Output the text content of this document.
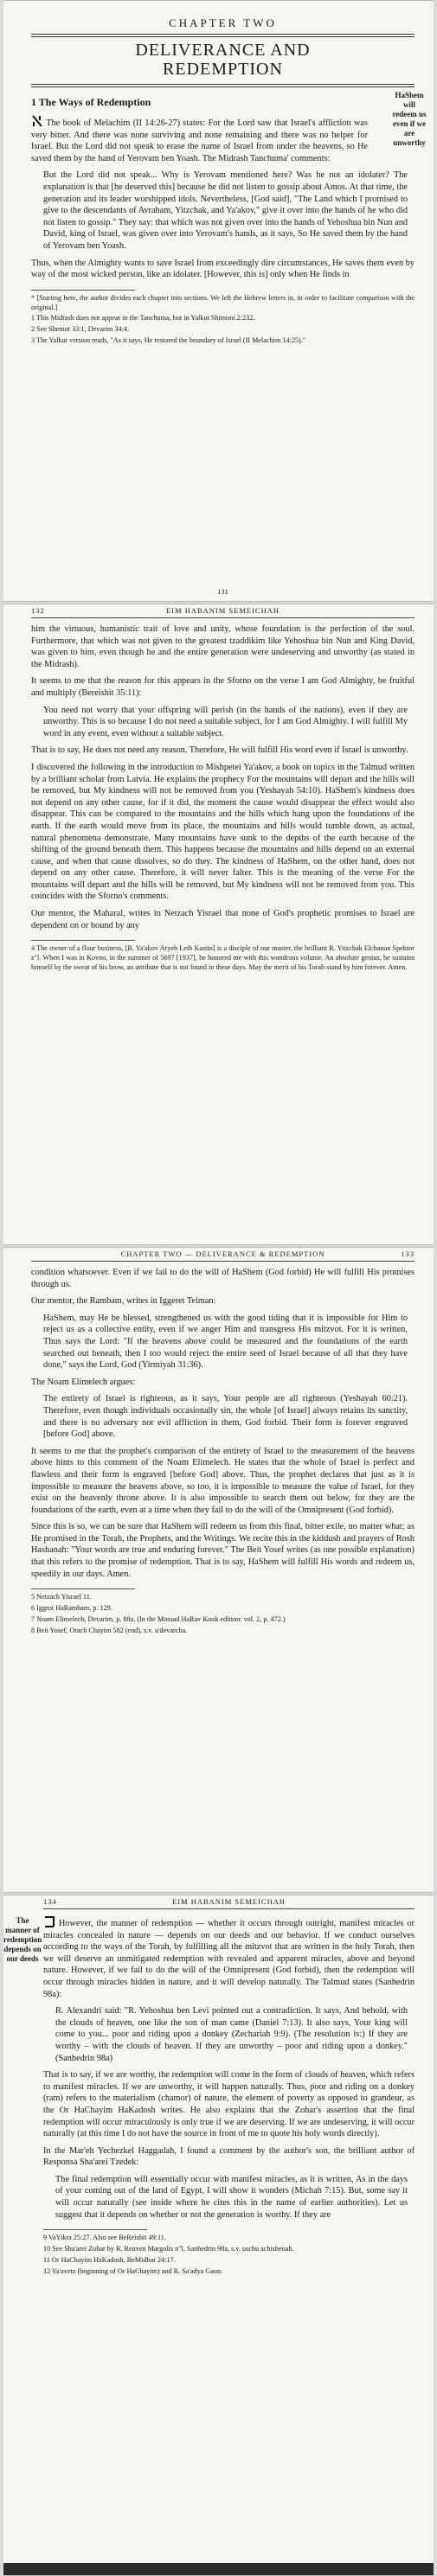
CHAPTER TWO
DELIVERANCE AND
REDEMPTION
1 The Ways of Redemption

The book of Melachim (II 14:26-27) states: For the Lord saw that Israel's affliction was very bitter. And there was none surviving and none remaining and there was no helper for Israel. But the Lord did not speak to erase the name of Israel from under the heavens, so He saved them by the hand of Yerovam ben Yoash. The Midrash Tanchuma' comments:

HaShem will redeem us even if we are unworthy

But the Lord did not speak... Why is Yerovam mentioned here? Was he not an idolater? The explanation is that [he deserved this] because he did not listen to gossip about Amos. At that time, the generation and its leader worshipped idols. Nevertheless, [God said], "The Land which I promised to give to the descendants of Avraham, Yitzchak, and Ya'akov," give it over into the hands of he who did not listen to gossip." They say: that which was not given over into the hands of Yehoshua bin Nun and David, king of Israel, was given over into Yerovam's hands, as it says, So He saved them by the hand of Yerovam ben Yoash.

Thus, when the Almighty wants to save Israel from exceedingly dire circumstances, He saves them even by way of the most wicked person, like an idolater. [However, this is] only when He finds in

* [Starting here, the author divides each chapter into sections. We left the Hebrew letters in, in order to facilitate comparison with the original.]

1 This Midrash does not appear in the Tanchuma, but in Yalkut Shimoni 2:232.

2 See Shemot 33:1, Devarim 34:4.

3 The Yalkut version reads, "As it says, He restored the boundary of Israel (II Melachim 14:25)."

131
132	EIM HABANIM SEMEICHAH

him the virtuous, humanistic trait of love and unity, whose foundation is the perfection of the soul. Furthermore, that which was not given to the greatest tzaddikim like Yehoshua bin Nun and King David, was given to him, even though he and the entire generation were undeserving and unworthy (as stated in the Midrash).

It seems to me that the reason for this appears in the Sforno on the verse I am God Almighty, be fruitful and multiply (Bereishit 35:11):

You need not worry that your offspring will perish (in the hands of the nations), even if they are unworthy. This is so because I do not need a suitable subject, for I am God Almighty. I will fulfill My word in any event, even without a suitable subject.

That is to say, He does not need any reason. Therefore, He will fulfill His word even if Israel is unworthy.

I discovered the following in the introduction to Mishpetei Ya'akov, a book on topics in the Talmud written by a brilliant scholar from Latvia. He explains the prophecy For the mountains will depart and the hills will be removed, but My kindness will not be removed from you (Yeshayah 54:10). HaShem's kindness does not depend on any other cause, for if it did, the moment the cause would disappear the effect would also disappear. This can be compared to the mountains and the hills which hang upon the foundations of the earth. If the earth would move from its place, the mountains and hills would tumble down, as actual, natural phenomena demonstrate. Many mountains have sunk to the depths of the earth because of the shifting of the ground beneath them. This happens because the mountains and hills depend on an external cause, and when that cause dissolves, so do they. The kindness of HaShem, on the other hand, does not depend on any other cause. Therefore, it will never falter. This is the meaning of the verse For the mountains will depart and the hills will be removed, but My kindness will not be removed from you. This coincides with the Sforno's comments.

Our mentor, the Maharal, writes in Netzach Yisrael that none of God's prophetic promises to Israel are dependent on or bound by any

4 The owner of a flour business, [R. Ya'akov Aryeh Leib Kastin] is a disciple of our master, the brilliant R. Yitzchak Elchanan Spektor z"l. When I was in Kovno, in the summer of 5697 [1937], he honored me with this wondrous volume. An absolute genius, he sustains himself by the sweat of his brow, an attribute that is not found in these days. May the merit of his Torah stand by him forever. Amen.

CHAPTER TWO — DELIVERANCE & REDEMPTION	133

condition whatsoever. Even if we fail to do the will of HaShem (God forbid) He will fulfill His promises through us.

Our mentor, the Rambam, writes in Iggeret Teiman:

HaShem, may He be blessed, strengthened us with the good tiding that it is impossible for Him to reject us as a collective entity, even if we anger Him and transgress His mitzvot. For it is written, Thus says the Lord: "If the heavens above could be measured and the foundations of the earth searched out beneath, then I too would reject the entire seed of Israel because of all that they have done," says the Lord, God (Yirmiyah 31:36).

The Noam Elimelech argues:

The entirety of Israel is righteous, as it says, Your people are all righteous (Yeshayah 60:21). Therefore, even though individuals occasionally sin, the whole [of Israel] always retains its sanctity, and there is no adversary nor evil affliction in them, God forbid. Their form is forever engraved [before God] above.

It seems to me that the prophet's comparison of the entirety of Israel to the measurement of the heavens above hints to this comment of the Noam Elimelech. He states that the whole of Israel is perfect and flawless and their form is engraved [before God] above. Thus, the prophet declares that just as it is impossible to measure the heavens above, so too, it is impossible to measure the value of Israel, for they exist on the heavenly throne above. It is also impossible to search them out below, for they are the foundations of the earth, even at a time when they fail to do the will of the Omnipresent (God forbid).

Since this is so, we can be sure that HaShem will redeem us from this final, bitter exile, no matter what; as He promised in the Torah, the Prophets, and the Writings. We recite this in the kiddush and prayers of Rosh Hashanah: "Your words are true and enduring forever." The Beit Yosef writes (as one possible explanation) that this refers to the promise of redemption. That is to say, HaShem will fulfill His words and redeem us, speedily in our days. Amen.

5 Netzach Yisrael 11.

6 Iggrot HaRambam, p. 129.

7 Noam Elimelech, Devarim, p. 88a. (In the Mossad HaRav Kook edition: vol. 2, p. 472.)

8 Beit Yosef, Orach Chayim 582 (end), s.v. u'devarcha.

134	EIM HABANIM SEMEICHAH
The manner of redemption depends on our deeds

However, the manner of redemption — whether it occurs through outright, manifest miracles or miracles concealed in nature — depends on our deeds and our behavior. If we conduct ourselves according to the ways of the Torah, by fulfilling all the mitzvot that are written in the holy Torah, then we will deserve an unmitigated redemption with revealed and apparent miracles, above and beyond nature. However, if we fail to do the will of the Omnipresent (God forbid), then the redemption will occur through miracles hidden in nature, and it will develop naturally. The Talmud states (Sanhedrin 98a):

R. Alexandri said: "R. Yehoshua ben Levi pointed out a contradiction. It says, And behold, with the clouds of heaven, one like the son of man came (Daniel 7:13). It also says, Your king will come to you... poor and riding upon a donkey (Zechariah 9:9). (The resolution is:) If they are worthy – with the clouds of heaven. If they are unworthy – poor and riding upon a donkey." (Sanhedrin 98a)

That is to say, if we are worthy, the redemption will come in the form of clouds of heaven, which refers to manifest miracles. If we are unworthy, it will happen naturally. Thus, poor and riding on a donkey (ram) refers to the materialism (chamor) of nature, the element of poverty as opposed to grandeur, as the Or HaChayim HaKadosh writes. He also explains that the Zohar's assertion that the final redemption will occur miraculously is only true if we are deserving. If we are undeserving, it will occur naturally (at this time I do not have the source in front of me to quote his holy words directly).

In the Mar'eh Yechezkel Haggadah, I found a comment by the author's son, the brilliant author of Responsa Sha'arei Tzedek:

The final redemption will essentially occur with manifest miracles, as it is written, As in the days of your coming out of the land of Egypt, I will show it wonders (Michah 7:15). But, some say it will occur naturally (see inside where he cites this in the name of earlier authorities). Let us suggest that it depends on whether or not the generation is worthy. If they are

9 VaYikra 25:27. Also see BeReishit 49:11.

10 See Sha'arei Zohar by R. Reuven Margolis n"l, Sanhedrin 98a, s.v. uschu achishenah.

11 Or HaChayim HaKadosh, BeMidbar 24:17.

12 Ya'avetz (beginning of Or HaChayim) and R. Sa'adya Gaon.
